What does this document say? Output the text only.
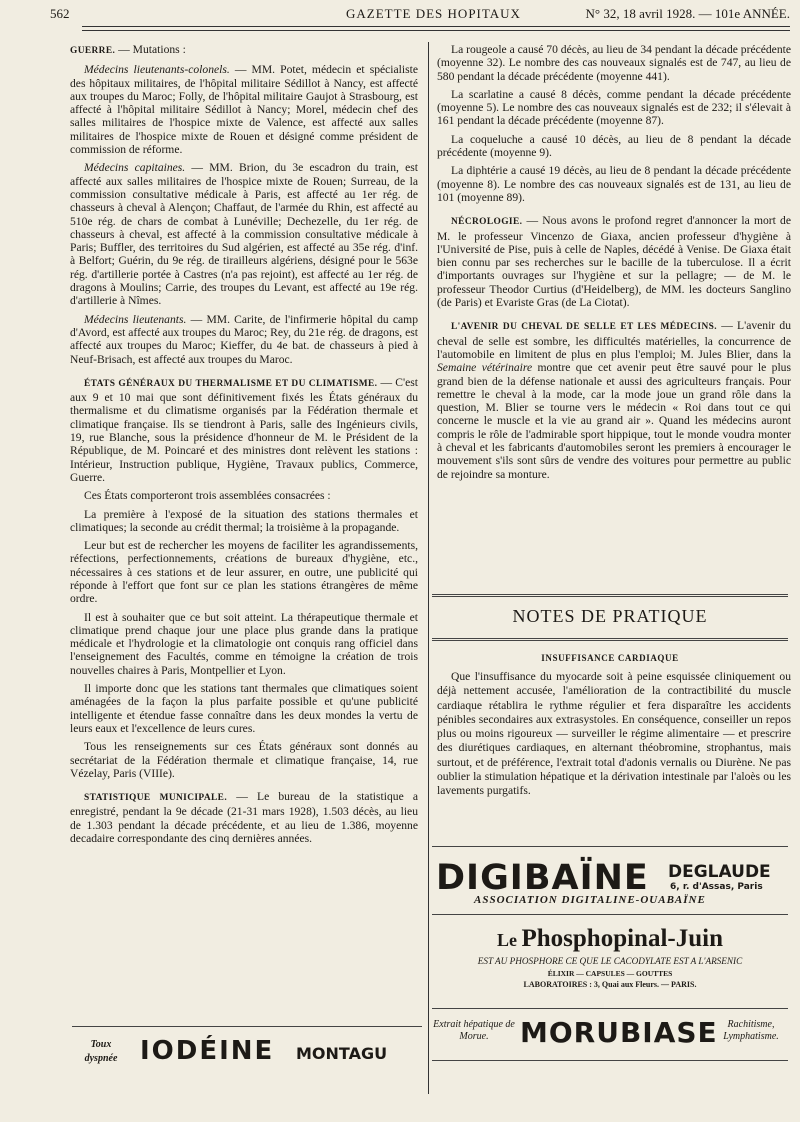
562	GAZETTE DES HOPITAUX	N° 32, 18 avril 1928. — 101e ANNÉE.

GUERRE. — Mutations :

Médecins lieutenants-colonels. — MM. Potet, médecin et spécialiste des hôpitaux militaires, de l'hôpital militaire Sédillot à Nancy, est affecté aux troupes du Maroc; Folly, de l'hôpital militaire Gaujot à Strasbourg, est affecté à l'hôpital militaire Sédillot à Nancy; Morel, médecin chef des salles militaires de l'hospice mixte de Valence, est affecté aux salles militaires de l'hospice mixte de Rouen et désigné comme président de commission de réforme.

Médecins capitaines. — MM. Brion, du 3e escadron du train, est affecté aux salles militaires de l'hospice mixte de Rouen; Surreau, de la commission consultative médicale à Paris, est affecté au 1er rég. de chasseurs à cheval à Alençon; Chaffaut, de l'armée du Rhin, est affecté au 510e rég. de chars de combat à Lunéville; Dechezelle, du 1er rég. de chasseurs à cheval, est affecté à la commission consultative médicale à Paris; Buffler, des territoires du Sud algérien, est affecté au 35e rég. d'inf. à Belfort; Guérin, du 9e rég. de tirailleurs algériens, désigné pour le 563e rég. d'artillerie portée à Castres (n'a pas rejoint), est affecté au 1er rég. de dragons à Moulins; Carrie, des troupes du Levant, est affecté au 19e rég. d'artillerie à Nîmes.

Médecins lieutenants. — MM. Carite, de l'infirmerie hôpital du camp d'Avord, est affecté aux troupes du Maroc; Rey, du 21e rég. de dragons, est affecté aux troupes du Maroc; Kieffer, du 4e bat. de chasseurs à pied à Neuf-Brisach, est affecté aux troupes du Maroc.

ÉTATS GÉNÉRAUX DU THERMALISME ET DU CLIMATISME. — C'est aux 9 et 10 mai que sont définitivement fixés les États généraux du thermalisme et du climatisme organisés par la Fédération thermale et climatique française. Ils se tiendront à Paris, salle des Ingénieurs civils, 19, rue Blanche, sous la présidence d'honneur de M. le Président de la République, de M. Poincaré et des ministres dont relèvent les stations : Intérieur, Instruction publique, Hygiène, Travaux publics, Commerce, Guerre.

Ces États comporteront trois assemblées consacrées :

La première à l'exposé de la situation des stations thermales et climatiques; la seconde au crédit thermal; la troisième à la propagande.

Leur but est de rechercher les moyens de faciliter les agrandissements, réfections, perfectionnements, créations de bureaux d'hygiène, etc., nécessaires à ces stations et de leur assurer, en outre, une publicité qui réponde à l'effort que font sur ce plan les stations étrangères de même ordre.

Il est à souhaiter que ce but soit atteint. La thérapeutique thermale et climatique prend chaque jour une place plus grande dans la pratique médicale et l'hydrologie et la climatologie ont conquis rang officiel dans l'enseignement des Facultés, comme en témoigne la création de trois nouvelles chaires à Paris, Montpellier et Lyon.

Il importe donc que les stations tant thermales que climatiques soient aménagées de la façon la plus parfaite possible et qu'une publicité intelligente et étendue fasse connaître dans les deux mondes la vertu de leurs eaux et l'excellence de leurs cures.

Tous les renseignements sur ces États généraux sont donnés au secrétariat de la Fédération thermale et climatique française, 14, rue Vézelay, Paris (VIIIe).

STATISTIQUE MUNICIPALE. — Le bureau de la statistique a enregistré, pendant la 9e décade (21-31 mars 1928), 1.503 décès, au lieu de 1.303 pendant la décade précédente, et au lieu de 1.386, moyenne decadaire correspondante des cinq dernières années.

La rougeole a causé 70 décès, au lieu de 34 pendant la décade précédente (moyenne 32). Le nombre des cas nouveaux signalés est de 747, au lieu de 580 pendant la décade précédente (moyenne 441).

La scarlatine a causé 8 décès, comme pendant la décade précédente (moyenne 5). Le nombre des cas nouveaux signalés est de 232; il s'élevait à 161 pendant la décade précédente (moyenne 87).

La coqueluche a causé 10 décès, au lieu de 8 pendant la décade précédente (moyenne 9).

La diphtérie a causé 19 décès, au lieu de 8 pendant la décade précédente (moyenne 8). Le nombre des cas nouveaux signalés est de 131, au lieu de 101 (moyenne 89).

NÉCROLOGIE. — Nous avons le profond regret d'annoncer la mort de M. le professeur Vincenzo de Giaxa, ancien professeur d'hygiène à l'Université de Pise, puis à celle de Naples, décédé à Venise. De Giaxa était bien connu par ses recherches sur le bacille de la tuberculose. Il a écrit d'importants ouvrages sur l'hygiène et sur la pellagre; — de M. le professeur Theodor Curtius (d'Heidelberg), de MM. les docteurs Sanglino (de Paris) et Evariste Gras (de La Ciotat).

L'AVENIR DU CHEVAL DE SELLE ET LES MÉDECINS. — L'avenir du cheval de selle est sombre, les difficultés matérielles, la concurrence de l'automobile en limitent de plus en plus l'emploi; M. Jules Blier, dans la Semaine vétérinaire montre que cet avenir peut être sauvé pour le plus grand bien de la défense nationale et aussi des agriculteurs français. Pour remettre le cheval à la mode, car la mode joue un grand rôle dans la question, M. Blier se tourne vers le médecin « Roi dans tout ce qui concerne le muscle et la vie au grand air ». Quand les médecins auront compris le rôle de l'admirable sport hippique, tout le monde voudra monter à cheval et les fabricants d'automobiles seront les premiers à encourager le mouvement s'ils sont sûrs de vendre des voitures pour permettre au public de rejoindre sa monture.

NOTES DE PRATIQUE
INSUFFISANCE CARDIAQUE

Que l'insuffisance du myocarde soit à peine esquissée cliniquement ou déjà nettement accusée, l'amélioration de la contractibilité du muscle cardiaque rétablira le rythme régulier et fera disparaître les accidents pénibles secondaires aux extrasystoles. En conséquence, conseiller un repos plus ou moins rigoureux — surveiller le régime alimentaire — et prescrire des diurétiques cardiaques, en alternant théobromine, strophantus, mais surtout, et de préférence, l'extrait total d'adonis vernalis ou Diurène. Ne pas oublier la stimulation hépatique et la dérivation intestinale par l'aloès ou les lavements purgatifs.

DIGIBAÏNE DEGLAUDE
6, r. d'Assas, Paris
ASSOCIATION DIGITALINE-OUABAÏNE
Le Phosphopinal-Juin
EST AU PHOSPHORE CE QUE LE CACODYLATE EST A L'ARSENIC
ÉLIXIR — CAPSULES — GOUTTES
LABORATOIRES : 3, Quai aux Fleurs. — PARIS.
Extrait hépatique de Morue.	MORUBIASE Rachitisme, Lymphatisme.
Toux
dyspnée IODÉINE MONTAGU
